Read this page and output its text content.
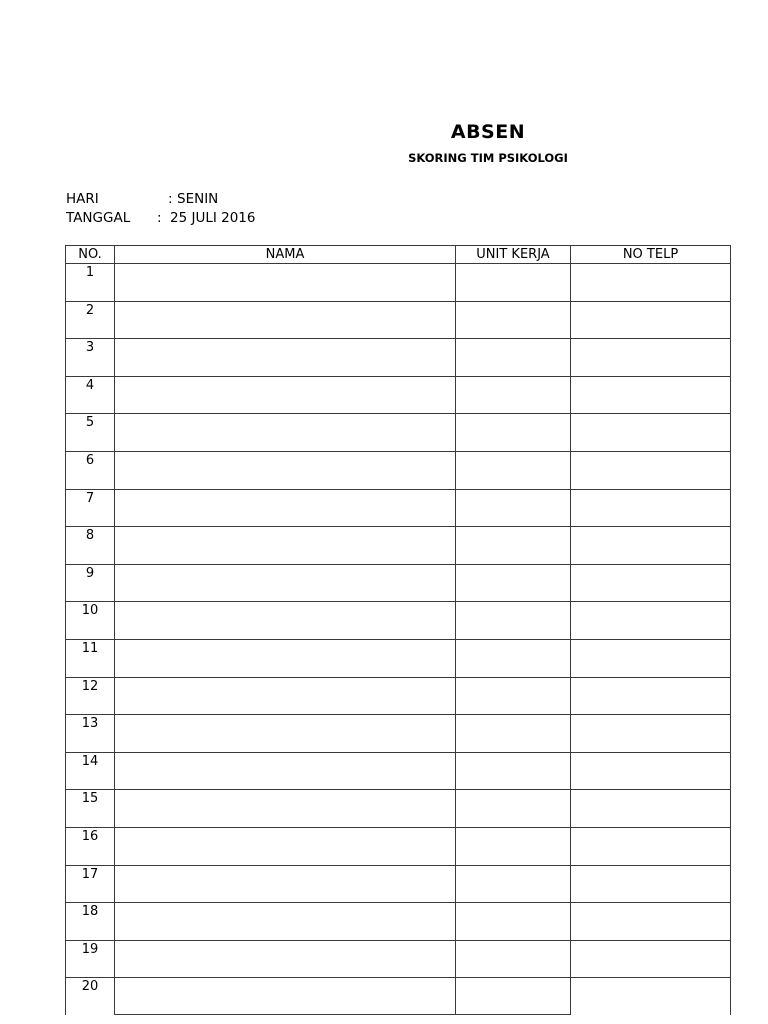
ABSEN
SKORING TIM PSIKOLOGI
HARI	: SENIN
TANGGAL : 25 JULI 2016
NO.	NAMA	UNIT KERJA	NO TELP
1			
2			
3			
4			
5			
6			
7			
8			
9			
10			
11			
12			
13			
14			
15			
16			
17			
18			
19			
20			
